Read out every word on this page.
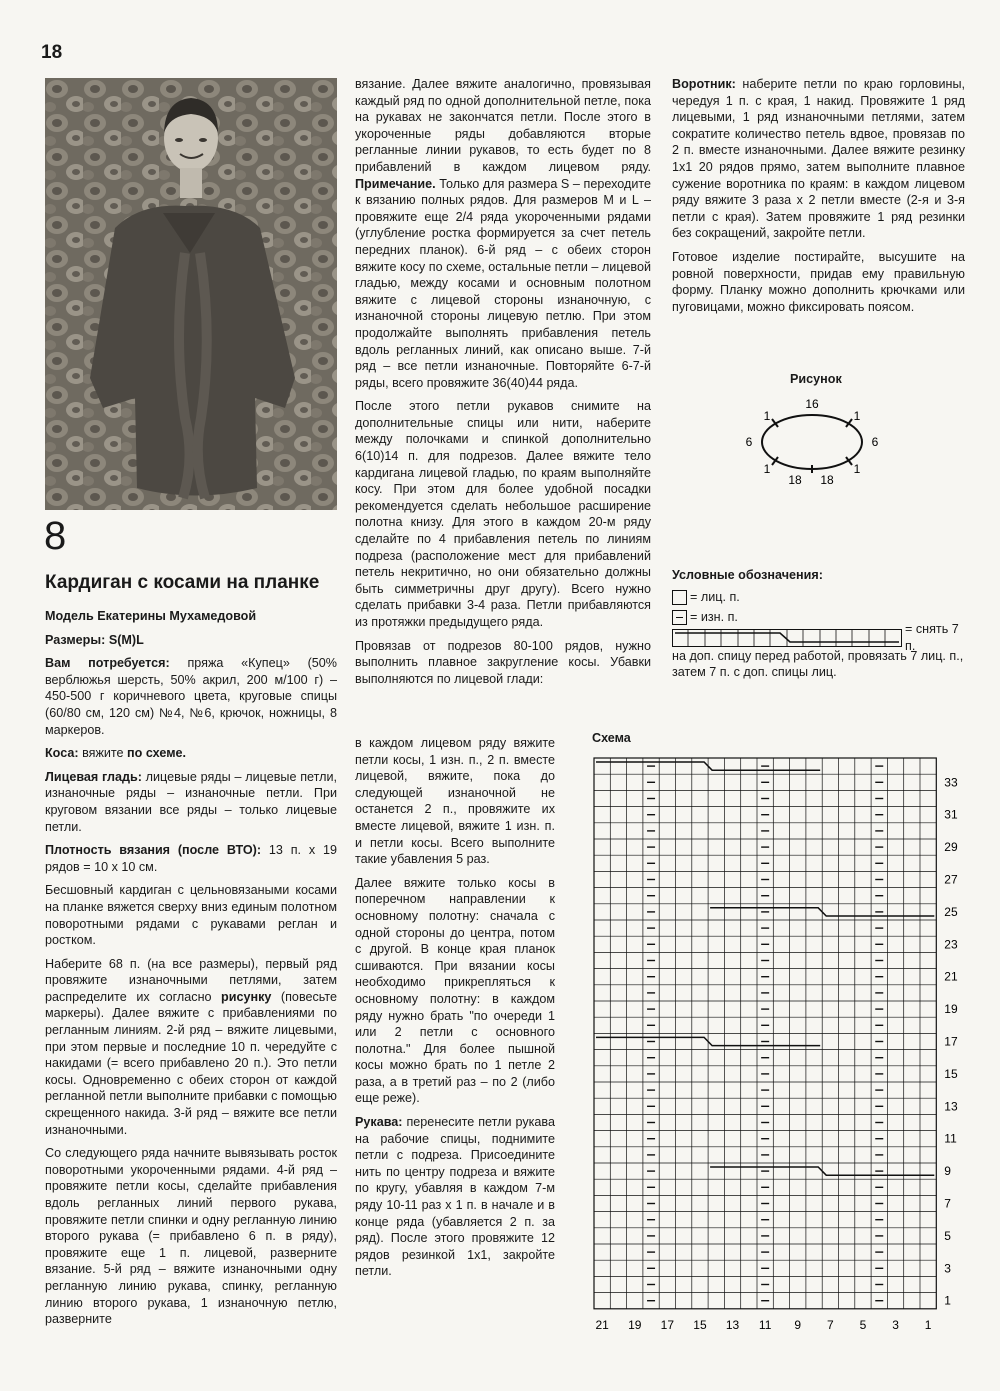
18
8
Кардиган с косами на планке

Модель Екатерины Мухамедовой

Размеры: S(M)L

Вам потребуется: пряжа «Купец» (50% верблюжья шерсть, 50% акрил, 200 м/100 г) – 450-500 г коричневого цвета, круговые спицы (60/80 см, 120 см) №4, №6, крючок, ножницы, 8 маркеров.

Коса: вяжите по схеме.

Лицевая гладь: лицевые ряды – лицевые петли, изнаночные ряды – изнаночные петли. При круговом вязании все ряды – только лицевые петли.

Плотность вязания (после ВТО): 13 п. х 19 рядов = 10 х 10 см.

Бесшовный кардиган с цельновязаными косами на планке вяжется сверху вниз единым полотном поворотными рядами с рукавами реглан и ростком.

Наберите 68 п. (на все размеры), первый ряд провяжите изнаночными петлями, затем распределите их согласно рисунку (повесьте маркеры). Далее вяжите с прибавлениями по регланным линиям. 2-й ряд – вяжите лицевыми, при этом первые и последние 10 п. чередуйте с накидами (= всего прибавлено 20 п.). Это петли косы. Одновременно с обеих сторон от каждой регланной петли выполните прибавки с помощью скрещенного накида. 3-й ряд – вяжите все петли изнаночными.

Со следующего ряда начните вывязывать росток поворотными укороченными рядами. 4-й ряд – провяжите петли косы, сделайте прибавления вдоль регланных линий первого рукава, провяжите петли спинки и одну регланную линию второго рукава (= прибавлено 6 п. в ряду), провяжите еще 1 п. лицевой, разверните вязание. 5-й ряд – вяжите изнаночными одну регланную линию рукава, спинку, регланную линию второго рукава, 1 изнаночную петлю, разверните

вязание. Далее вяжите аналогично, провязывая каждый ряд по одной дополнительной петле, пока на рукавах не закончатся петли. После этого в укороченные ряды добавляются вторые регланные линии рукавов, то есть будет по 8 прибавлений в каждом лицевом ряду. Примечание. Только для размера S – переходите к вязанию полных рядов. Для размеров M и L – провяжите еще 2/4 ряда укороченными рядами (углубление ростка формируется за счет петель передних планок). 6-й ряд – с обеих сторон вяжите косу по схеме, остальные петли – лицевой гладью, между косами и основным полотном вяжите с лицевой стороны изнаночную, с изнаночной стороны лицевую петлю. При этом продолжайте выполнять прибавления петель вдоль регланных линий, как описано выше. 7-й ряд – все петли изнаночные. Повторяйте 6-7-й ряды, всего провяжите 36(40)44 ряда.

После этого петли рукавов снимите на дополнительные спицы или нити, наберите между полочками и спинкой дополнительно 6(10)14 п. для подрезов. Далее вяжите тело кардигана лицевой гладью, по краям выполняйте косу. При этом для более удобной посадки рекомендуется сделать небольшое расширение полотна книзу. Для этого в каждом 20-м ряду сделайте по 4 прибавления петель по линиям подреза (расположение мест для прибавлений петель некритично, но они обязательно должны быть симметричны друг другу). Всего нужно сделать прибавки 3-4 раза. Петли прибавляются из протяжки предыдущего ряда.

Провязав от подрезов 80-100 рядов, нужно выполнить плавное закругление косы. Убавки выполняются по лицевой глади:

в каждом лицевом ряду вяжите петли косы, 1 изн. п., 2 п. вместе лицевой, вяжите, пока до следующей изнаночной не останется 2 п., провяжите их вместе лицевой, вяжите 1 изн. п. и петли косы. Всего выполните такие убавления 5 раз.

Далее вяжите только косы в поперечном направлении к основному полотну: сначала с одной стороны до центра, потом с другой. В конце края планок сшиваются. При вязании косы необходимо прикрепляться к основному полотну: в каждом ряду нужно брать "по очереди 1 или 2 петли с основного полотна." Для более пышной косы можно брать по 1 петле 2 раза, а в третий раз – по 2 (либо еще реже).

Рукава: перенесите петли рукава на рабочие спицы, поднимите петли с подреза. Присоедините нить по центру подреза и вяжите по кругу, убавляя в каждом 7-м ряду 10-11 раз х 1 п. в начале и в конце ряда (убавляется 2 п. за ряд). После этого провяжите 12 рядов резинкой 1х1, закройте петли.

Воротник: наберите петли по краю горловины, чередуя 1 п. с края, 1 накид. Провяжите 1 ряд лицевыми, 1 ряд изнаночными петлями, затем сократите количество петель вдвое, провязав по 2 п. вместе изнаночными. Далее вяжите резинку 1х1 20 рядов прямо, затем выполните плавное сужение воротника по краям: в каждом лицевом ряду вяжите 3 раза х 2 петли вместе (2-я и 3-я петли с края). Затем провяжите 1 ряд резинки без сокращений, закройте петли.

Готовое изделие постирайте, высушите на ровной поверхности, придав ему правильную форму. Планку можно дополнить крючками или пуговицами, можно фиксировать поясом.

Рисунок
16
6	6
1	1
1	1
18 18
Условные обозначения:
= лиц. п.
= изн. п.
= снять 7 п.
на доп. спицу перед работой, провязать 7 лиц. п., затем 7 п. с доп. спицы лиц.
Схема
21 19 17 15 13 11 9 7 5 3 1
33
31
29
27
25
23
21
19
17
15
13
11
9
7
5
3
1
